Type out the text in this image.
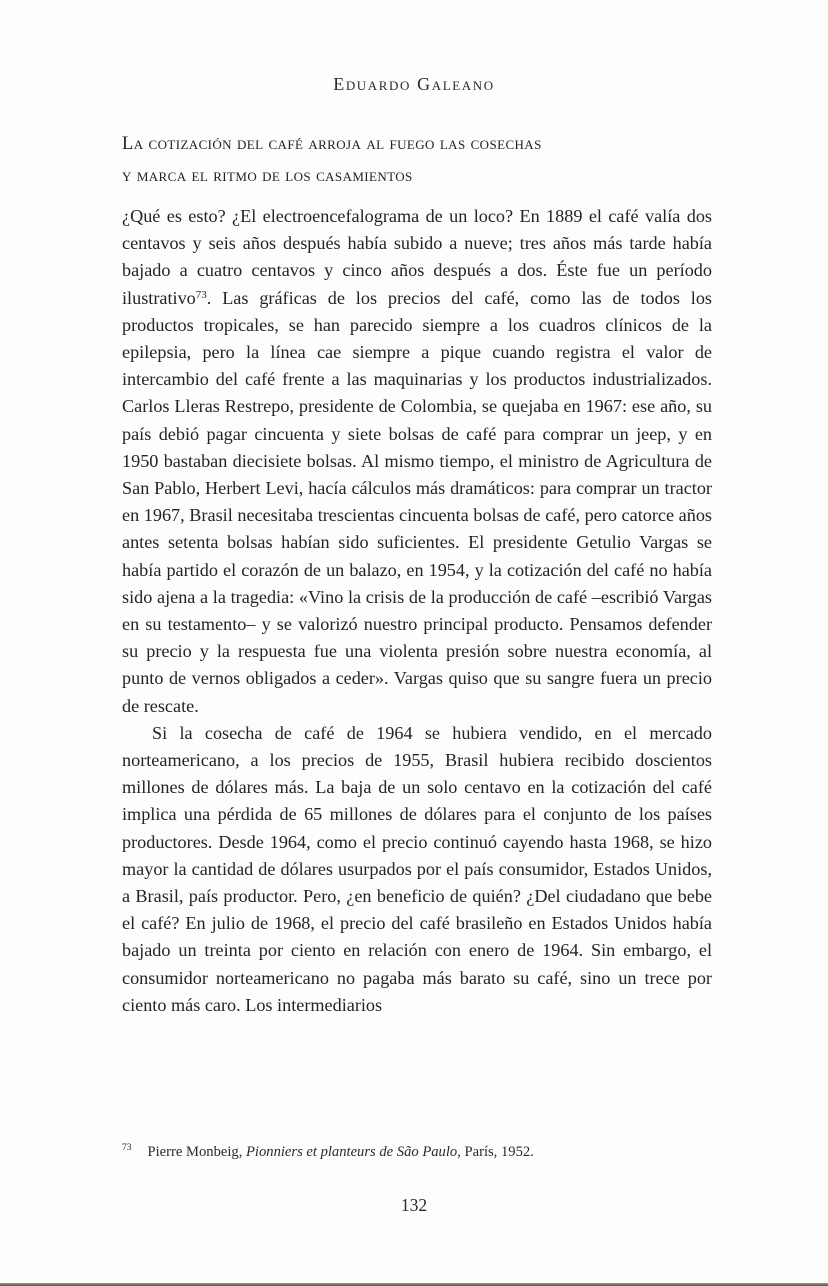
Eduardo Galeano
La cotización del café arroja al fuego las cosechas
y marca el ritmo de los casamientos

¿Qué es esto? ¿El electroencefalograma de un loco? En 1889 el café valía dos centavos y seis años después había subido a nueve; tres años más tarde había bajado a cuatro centavos y cinco años después a dos. Éste fue un período ilustrativo$^{73}$. Las gráficas de los precios del café, como las de todos los productos tropicales, se han parecido siempre a los cuadros clínicos de la epilepsia, pero la línea cae siempre a pique cuando registra el valor de intercambio del café frente a las maquinarias y los productos industrializados. Carlos Lleras Restrepo, presidente de Colombia, se quejaba en 1967: ese año, su país debió pagar cincuenta y siete bolsas de café para comprar un jeep, y en 1950 bastaban diecisiete bolsas. Al mismo tiempo, el ministro de Agricultura de San Pablo, Herbert Levi, hacía cálculos más dramáticos: para comprar un tractor en 1967, Brasil necesitaba trescientas cincuenta bolsas de café, pero catorce años antes setenta bolsas habían sido suficientes. El presidente Getulio Vargas se había partido el corazón de un balazo, en 1954, y la cotización del café no había sido ajena a la tragedia: «Vino la crisis de la producción de café –escribió Vargas en su testamento– y se valorizó nuestro principal producto. Pensamos defender su precio y la respuesta fue una violenta presión sobre nuestra economía, al punto de vernos obligados a ceder». Vargas quiso que su sangre fuera un precio de rescate.

Si la cosecha de café de 1964 se hubiera vendido, en el mercado norteamericano, a los precios de 1955, Brasil hubiera recibido doscientos millones de dólares más. La baja de un solo centavo en la cotización del café implica una pérdida de 65 millones de dólares para el conjunto de los países productores. Desde 1964, como el precio continuó cayendo hasta 1968, se hizo mayor la cantidad de dólares usurpados por el país consumidor, Estados Unidos, a Brasil, país productor. Pero, ¿en beneficio de quién? ¿Del ciudadano que bebe el café? En julio de 1968, el precio del café brasileño en Estados Unidos había bajado un treinta por ciento en relación con enero de 1964. Sin embargo, el consumidor norteamericano no pagaba más barato su café, sino un trece por ciento más caro. Los intermediarios

$^{73}$ Pierre Monbeig, Pionniers et planteurs de São Paulo, París, 1952.
132
